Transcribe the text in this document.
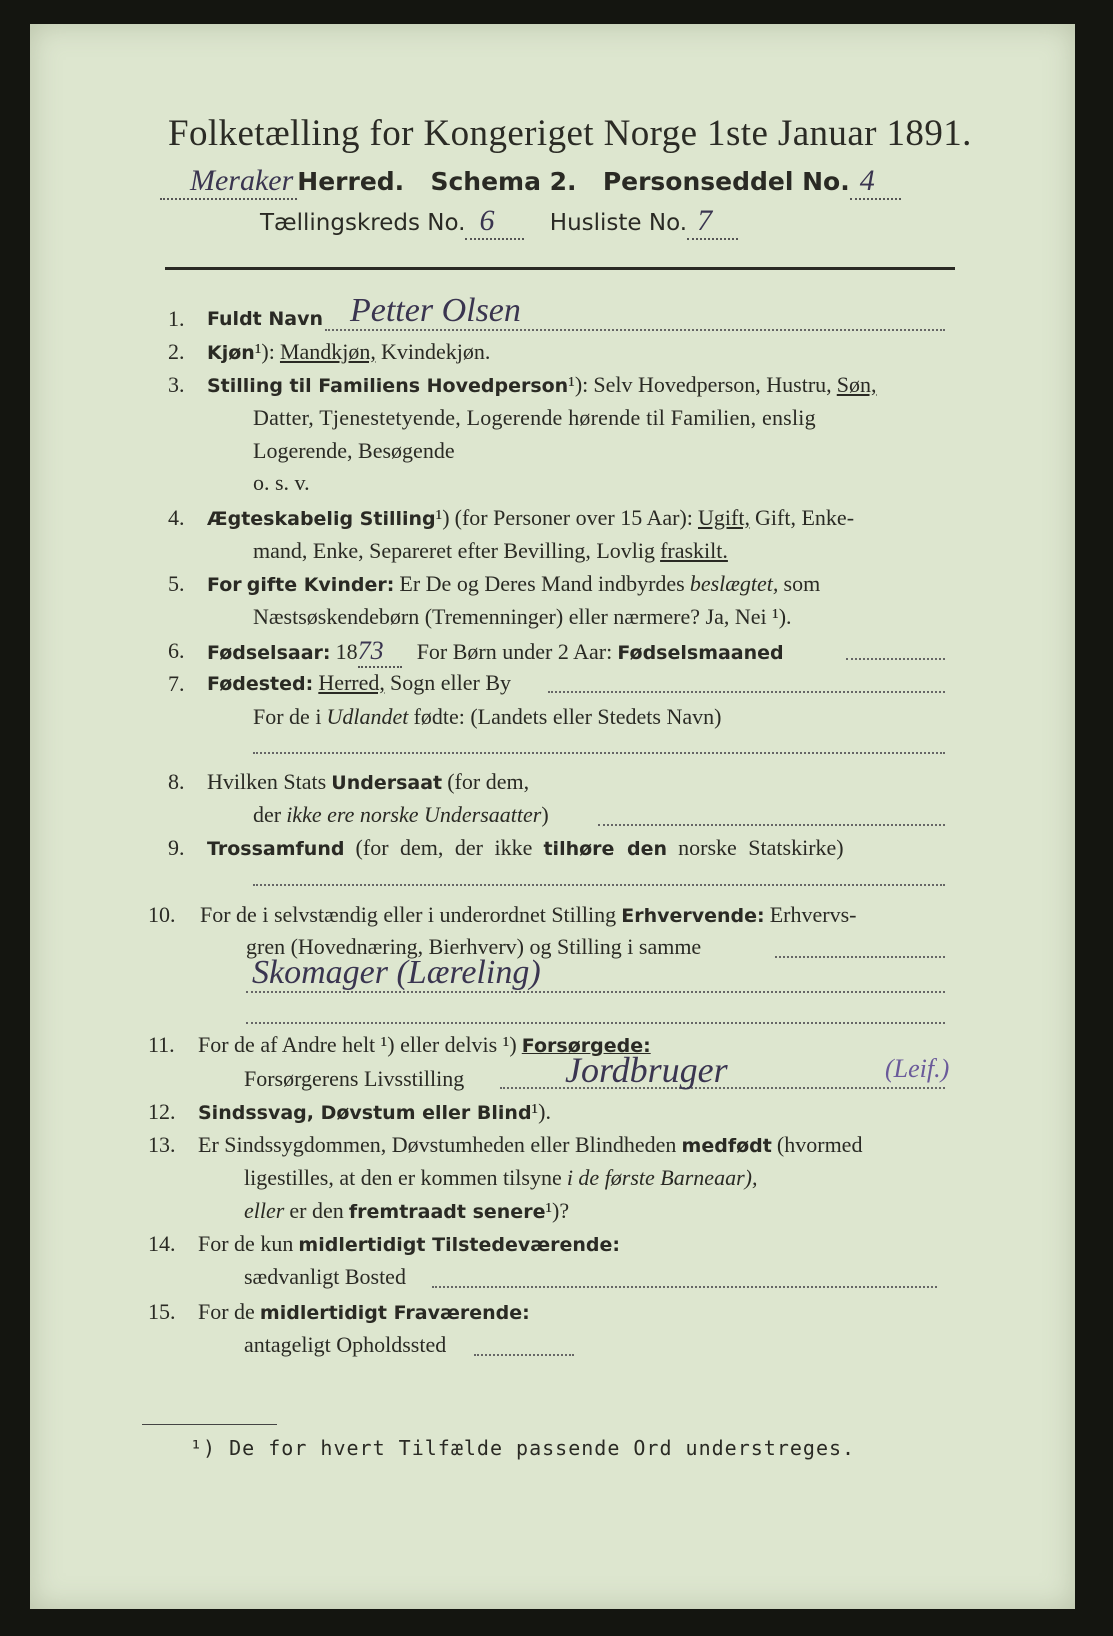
Folketælling for Kongeriget Norge 1ste Januar 1891.
Meraker Herred. Schema 2. Personseddel No. 4
Tællingskreds No. 6 Husliste No. 7
1. Fuldt Navn Petter Olsen
2. Kjøn¹): Mandkjøn, Kvindekjøn.
3. Stilling til Familiens Hovedperson¹): Selv Hovedperson, Hustru, Søn,
Datter, Tjenestetyende, Logerende hørende til Familien, enslig
Logerende, Besøgende
o. s. v.
4. Ægteskabelig Stilling¹) (for Personer over 15 Aar): Ugift, Gift, Enke-
mand, Enke, Separeret efter Bevilling, Lovlig fraskilt.
5. For gifte Kvinder: Er De og Deres Mand indbyrdes beslægtet, som
Næstsøskendebørn (Tremenninger) eller nærmere? Ja, Nei ¹).
6. Fødselsaar: 1873 For Børn under 2 Aar: Fødselsmaaned
7. Fødested: Herred, Sogn eller By
For de i Udlandet fødte: (Landets eller Stedets Navn)
8. Hvilken Stats Undersaat (for dem,
der ikke ere norske Undersaatter)
9. Trossamfund (for dem, der ikke tilhøre den norske Statskirke)
10. For de i selvstændig eller i underordnet Stilling Erhvervende: Erhvervs-
gren (Hovednæring, Bierhverv) og Stilling i samme
Skomager (Læreling)
11. For de af Andre helt ¹) eller delvis ¹) Forsørgede:
Forsørgerens Livsstilling	Jordbruger	(Leif.)
12. Sindssvag, Døvstum eller Blind¹).
13. Er Sindssygdommen, Døvstumheden eller Blindheden medfødt (hvormed
ligestilles, at den er kommen tilsyne i de første Barneaar),
eller er den fremtraadt senere¹)?
14. For de kun midlertidigt Tilstedeværende:
sædvanligt Bosted
15. For de midlertidigt Fraværende:
antageligt Opholdssted
¹) De for hvert Tilfælde passende Ord understreges.
